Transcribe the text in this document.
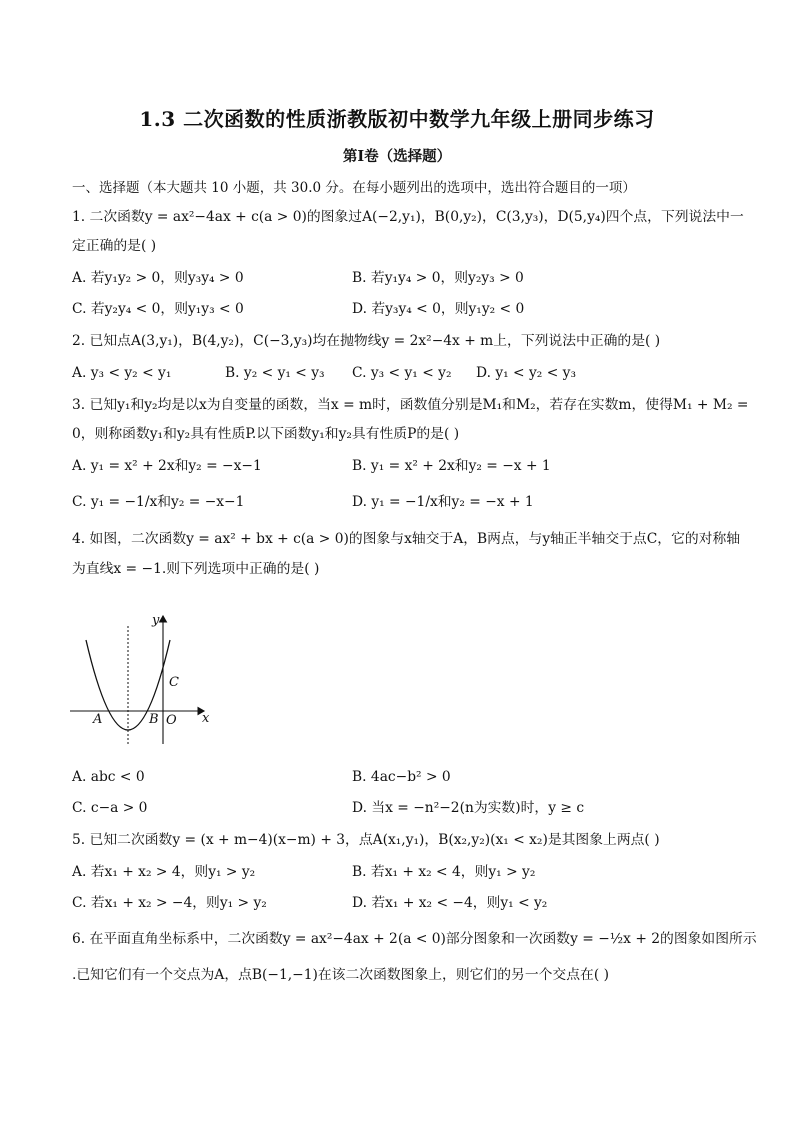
1.3 二次函数的性质浙教版初中数学九年级上册同步练习
第I卷（选择题）
一、选择题（本大题共 10 小题，共 30.0 分。在每小题列出的选项中，选出符合题目的一项）
1. 二次函数y = ax²−4ax + c(a > 0)的图象过A(−2,y₁)，B(0,y₂)，C(3,y₃)，D(5,y₄)四个点，下列说法中一
定正确的是( )
A. 若y₁y₂ > 0，则y₃y₄ > 0	B. 若y₁y₄ > 0，则y₂y₃ > 0
C. 若y₂y₄ < 0，则y₁y₃ < 0	D. 若y₃y₄ < 0，则y₁y₂ < 0
2. 已知点A(3,y₁)，B(4,y₂)，C(−3,y₃)均在抛物线y = 2x²−4x + m上，下列说法中正确的是( )
A. y₃ < y₂ < y₁	B. y₂ < y₁ < y₃ C. y₃ < y₁ < y₂ D. y₁ < y₂ < y₃
3. 已知y₁和y₂均是以x为自变量的函数，当x = m时，函数值分别是M₁和M₂，若存在实数m，使得M₁ + M₂ =
0，则称函数y₁和y₂具有性质P.以下函数y₁和y₂具有性质P的是( )
A. y₁ = x² + 2x和y₂ = −x−1	B. y₁ = x² + 2x和y₂ = −x + 1
C. y₁ = −1/x和y₂ = −x−1	D. y₁ = −1/x和y₂ = −x + 1
4. 如图，二次函数y = ax² + bx + c(a > 0)的图象与x轴交于A，B两点，与y轴正半轴交于点C，它的对称轴
为直线x = −1.则下列选项中正确的是( )
y
x
A	B O
C
A. abc < 0	B. 4ac−b² > 0
C. c−a > 0	D. 当x = −n²−2(n为实数)时，y ≥ c
5. 已知二次函数y = (x + m−4)(x−m) + 3，点A(x₁,y₁)，B(x₂,y₂)(x₁ < x₂)是其图象上两点( )
A. 若x₁ + x₂ > 4，则y₁ > y₂	B. 若x₁ + x₂ < 4，则y₁ > y₂
C. 若x₁ + x₂ > −4，则y₁ > y₂	D. 若x₁ + x₂ < −4，则y₁ < y₂
6. 在平面直角坐标系中，二次函数y = ax²−4ax + 2(a < 0)部分图象和一次函数y = −½x + 2的图象如图所示
.已知它们有一个交点为A，点B(−1,−1)在该二次函数图象上，则它们的另一个交点在( )
